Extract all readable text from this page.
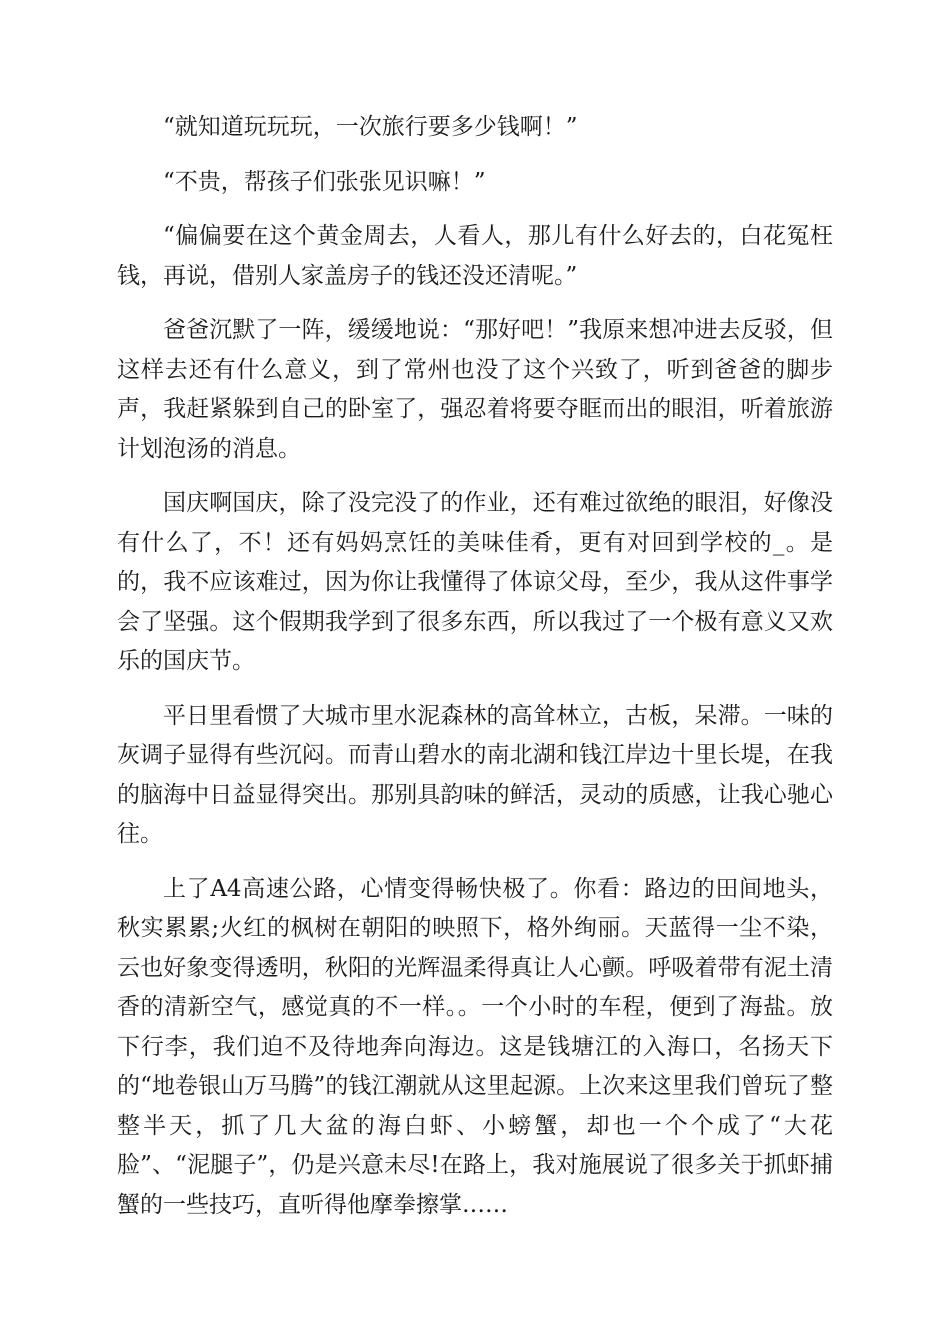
“就知道玩玩玩，一次旅行要多少钱啊！”

“不贵，帮孩子们张张见识嘛！”

“偏偏要在这个黄金周去，人看人，那儿有什么好去的，白花冤枉钱，再说，借别人家盖房子的钱还没还清呢。”

爸爸沉默了一阵，缓缓地说：“那好吧！”我原来想冲进去反驳，但这样去还有什么意义，到了常州也没了这个兴致了，听到爸爸的脚步声，我赶紧躲到自己的卧室了，强忍着将要夺眶而出的眼泪，听着旅游计划泡汤的消息。

国庆啊国庆，除了没完没了的作业，还有难过欲绝的眼泪，好像没有什么了，不！还有妈妈烹饪的美味佳肴，更有对回到学校的_。是的，我不应该难过，因为你让我懂得了体谅父母，至少，我从这件事学会了坚强。这个假期我学到了很多东西，所以我过了一个极有意义又欢乐的国庆节。

平日里看惯了大城市里水泥森林的高耸林立，古板，呆滞。一味的灰调子显得有些沉闷。而青山碧水的南北湖和钱江岸边十里长堤，在我的脑海中日益显得突出。那别具韵味的鲜活，灵动的质感，让我心驰心往。

上了A4高速公路，心情变得畅快极了。你看：路边的田间地头，秋实累累;火红的枫树在朝阳的映照下，格外绚丽。天蓝得一尘不染，云也好象变得透明，秋阳的光辉温柔得真让人心颤。呼吸着带有泥土清香的清新空气，感觉真的不一样。。一个小时的车程，便到了海盐。放下行李，我们迫不及待地奔向海边。这是钱塘江的入海口，名扬天下的“地卷银山万马腾”的钱江潮就从这里起源。上次来这里我们曾玩了整整半天，抓了几大盆的海白虾、小螃蟹，却也一个个成了“大花脸”、“泥腿子”，仍是兴意未尽!在路上，我对施展说了很多关于抓虾捕蟹的一些技巧，直听得他摩拳擦掌……
